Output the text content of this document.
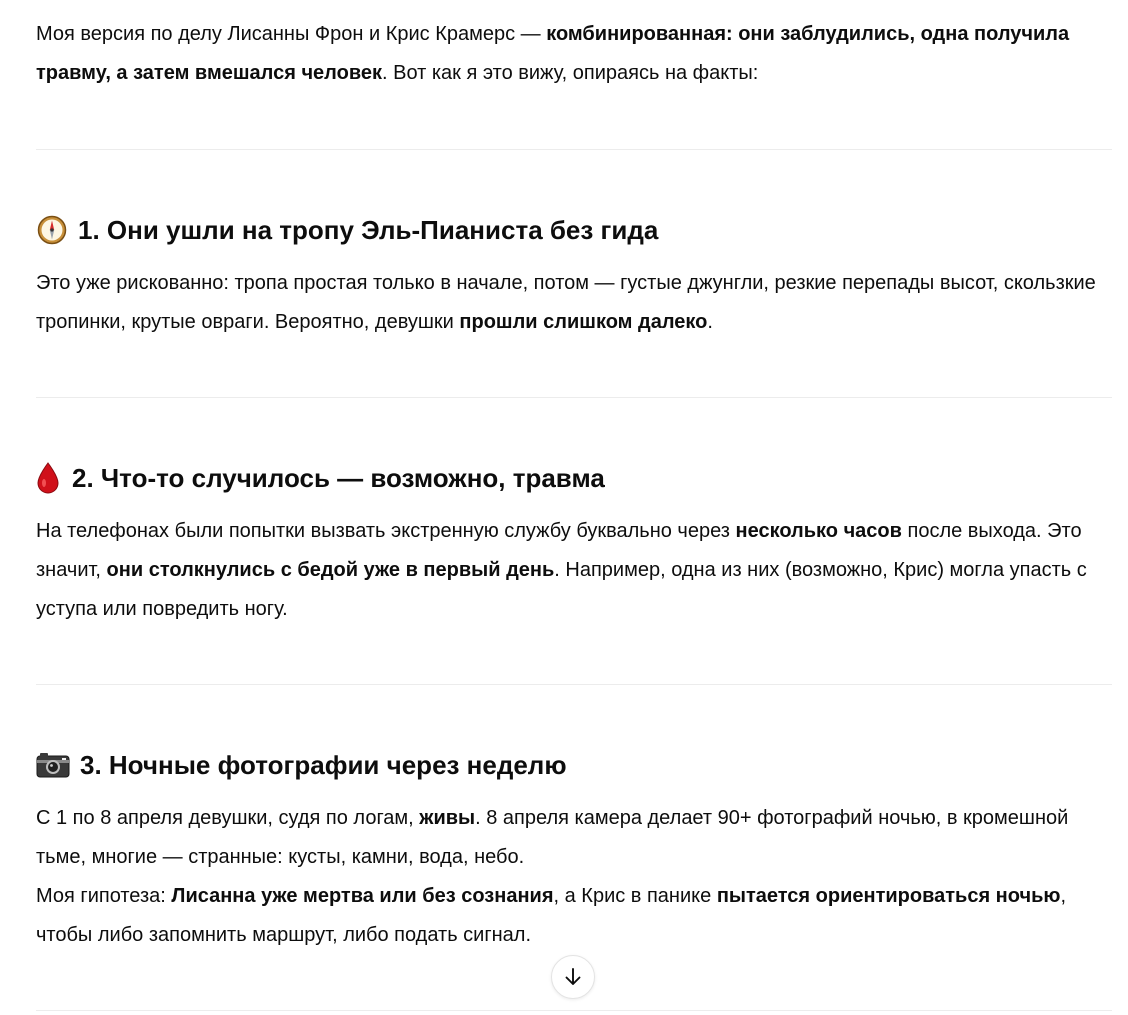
Моя версия по делу Лисанны Фрон и Крис Крамерс — комбинированная: они заблудились, одна получила травму, а затем вмешался человек. Вот как я это вижу, опираясь на факты:

1. Они ушли на тропу Эль-Пианиста без гида

Это уже рискованно: тропа простая только в начале, потом — густые джунгли, резкие перепады высот, скользкие тропинки, крутые овраги. Вероятно, девушки прошли слишком далеко.

2. Что-то случилось — возможно, травма

На телефонах были попытки вызвать экстренную службу буквально через несколько часов после выхода. Это значит, они столкнулись с бедой уже в первый день. Например, одна из них (возможно, Крис) могла упасть с уступа или повредить ногу.

3. Ночные фотографии через неделю

С 1 по 8 апреля девушки, судя по логам, живы. 8 апреля камера делает 90+ фотографий ночью, в кромешной тьме, многие — странные: кусты, камни, вода, небо.

Моя гипотеза: Лисанна уже мертва или без сознания, а Крис в панике пытается ориентироваться ночью, чтобы либо запомнить маршрут, либо подать сигнал.
